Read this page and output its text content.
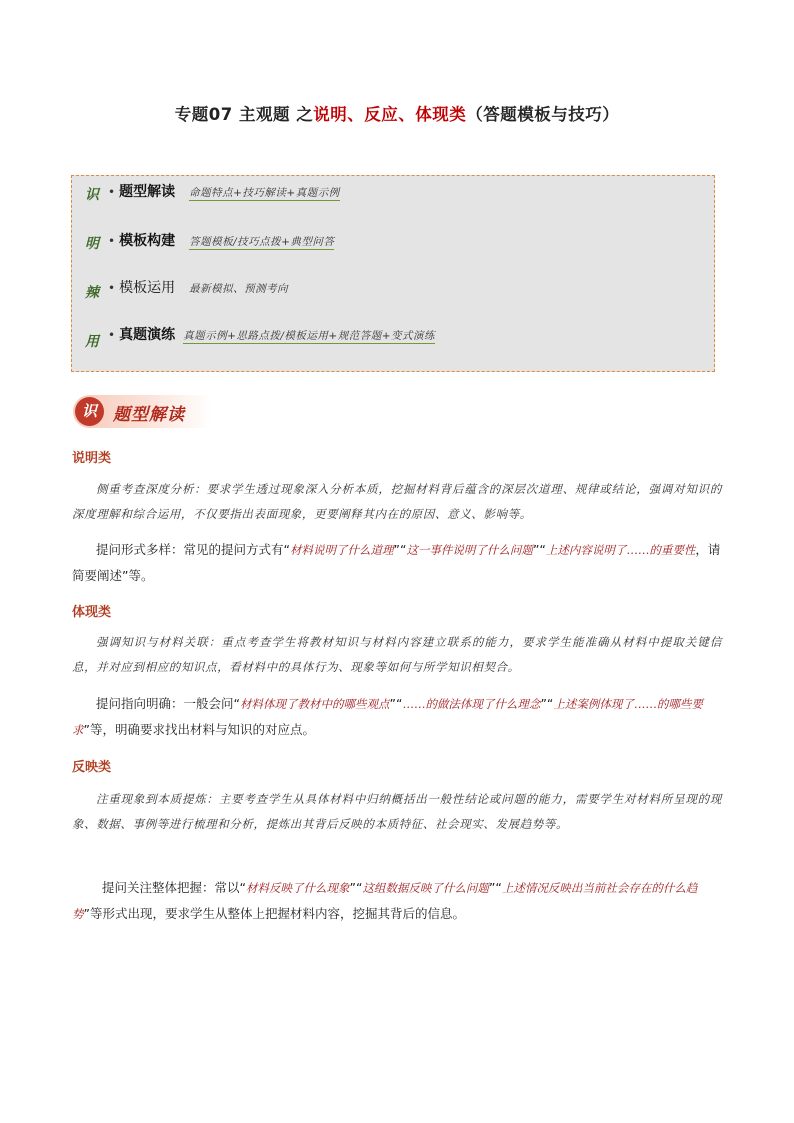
专题07 主观题 之说明、反应、体现类（答题模板与技巧）
识
明
辣
用
• 题型解读 命题特点+技巧解读+真题示例
• 模板构建 答题模板/技巧点拨+典型问答
• 模板运用 最新模拟、预测考向
• 真题演练 真题示例+思路点拨/模板运用+规范答题+变式演练
识 题型解读
说明类
侧重考查深度分析：要求学生透过现象深入分析本质，挖掘材料背后蕴含的深层次道理、规律或结论，强调对知识的深度理解和综合运用，不仅要指出表面现象，更要阐释其内在的原因、意义、影响等。
提问形式多样：常见的提问方式有“材料说明了什么道理”“这一事件说明了什么问题”“上述内容说明了……的重要性，请简要阐述”等。
体现类
强调知识与材料关联：重点考查学生将教材知识与材料内容建立联系的能力，要求学生能准确从材料中提取关键信息，并对应到相应的知识点，看材料中的具体行为、现象等如何与所学知识相契合。
提问指向明确：一般会问“材料体现了教材中的哪些观点”“……的做法体现了什么理念”“上述案例体现了……的哪些要求”等，明确要求找出材料与知识的对应点。
反映类
注重现象到本质提炼：主要考查学生从具体材料中归纳概括出一般性结论或问题的能力，需要学生对材料所呈现的现象、数据、事例等进行梳理和分析，提炼出其背后反映的本质特征、社会现实、发展趋势等。
提问关注整体把握：常以“材料反映了什么现象”“这组数据反映了什么问题”“上述情况反映出当前社会存在的什么趋势”等形式出现，要求学生从整体上把握材料内容，挖掘其背后的信息。
